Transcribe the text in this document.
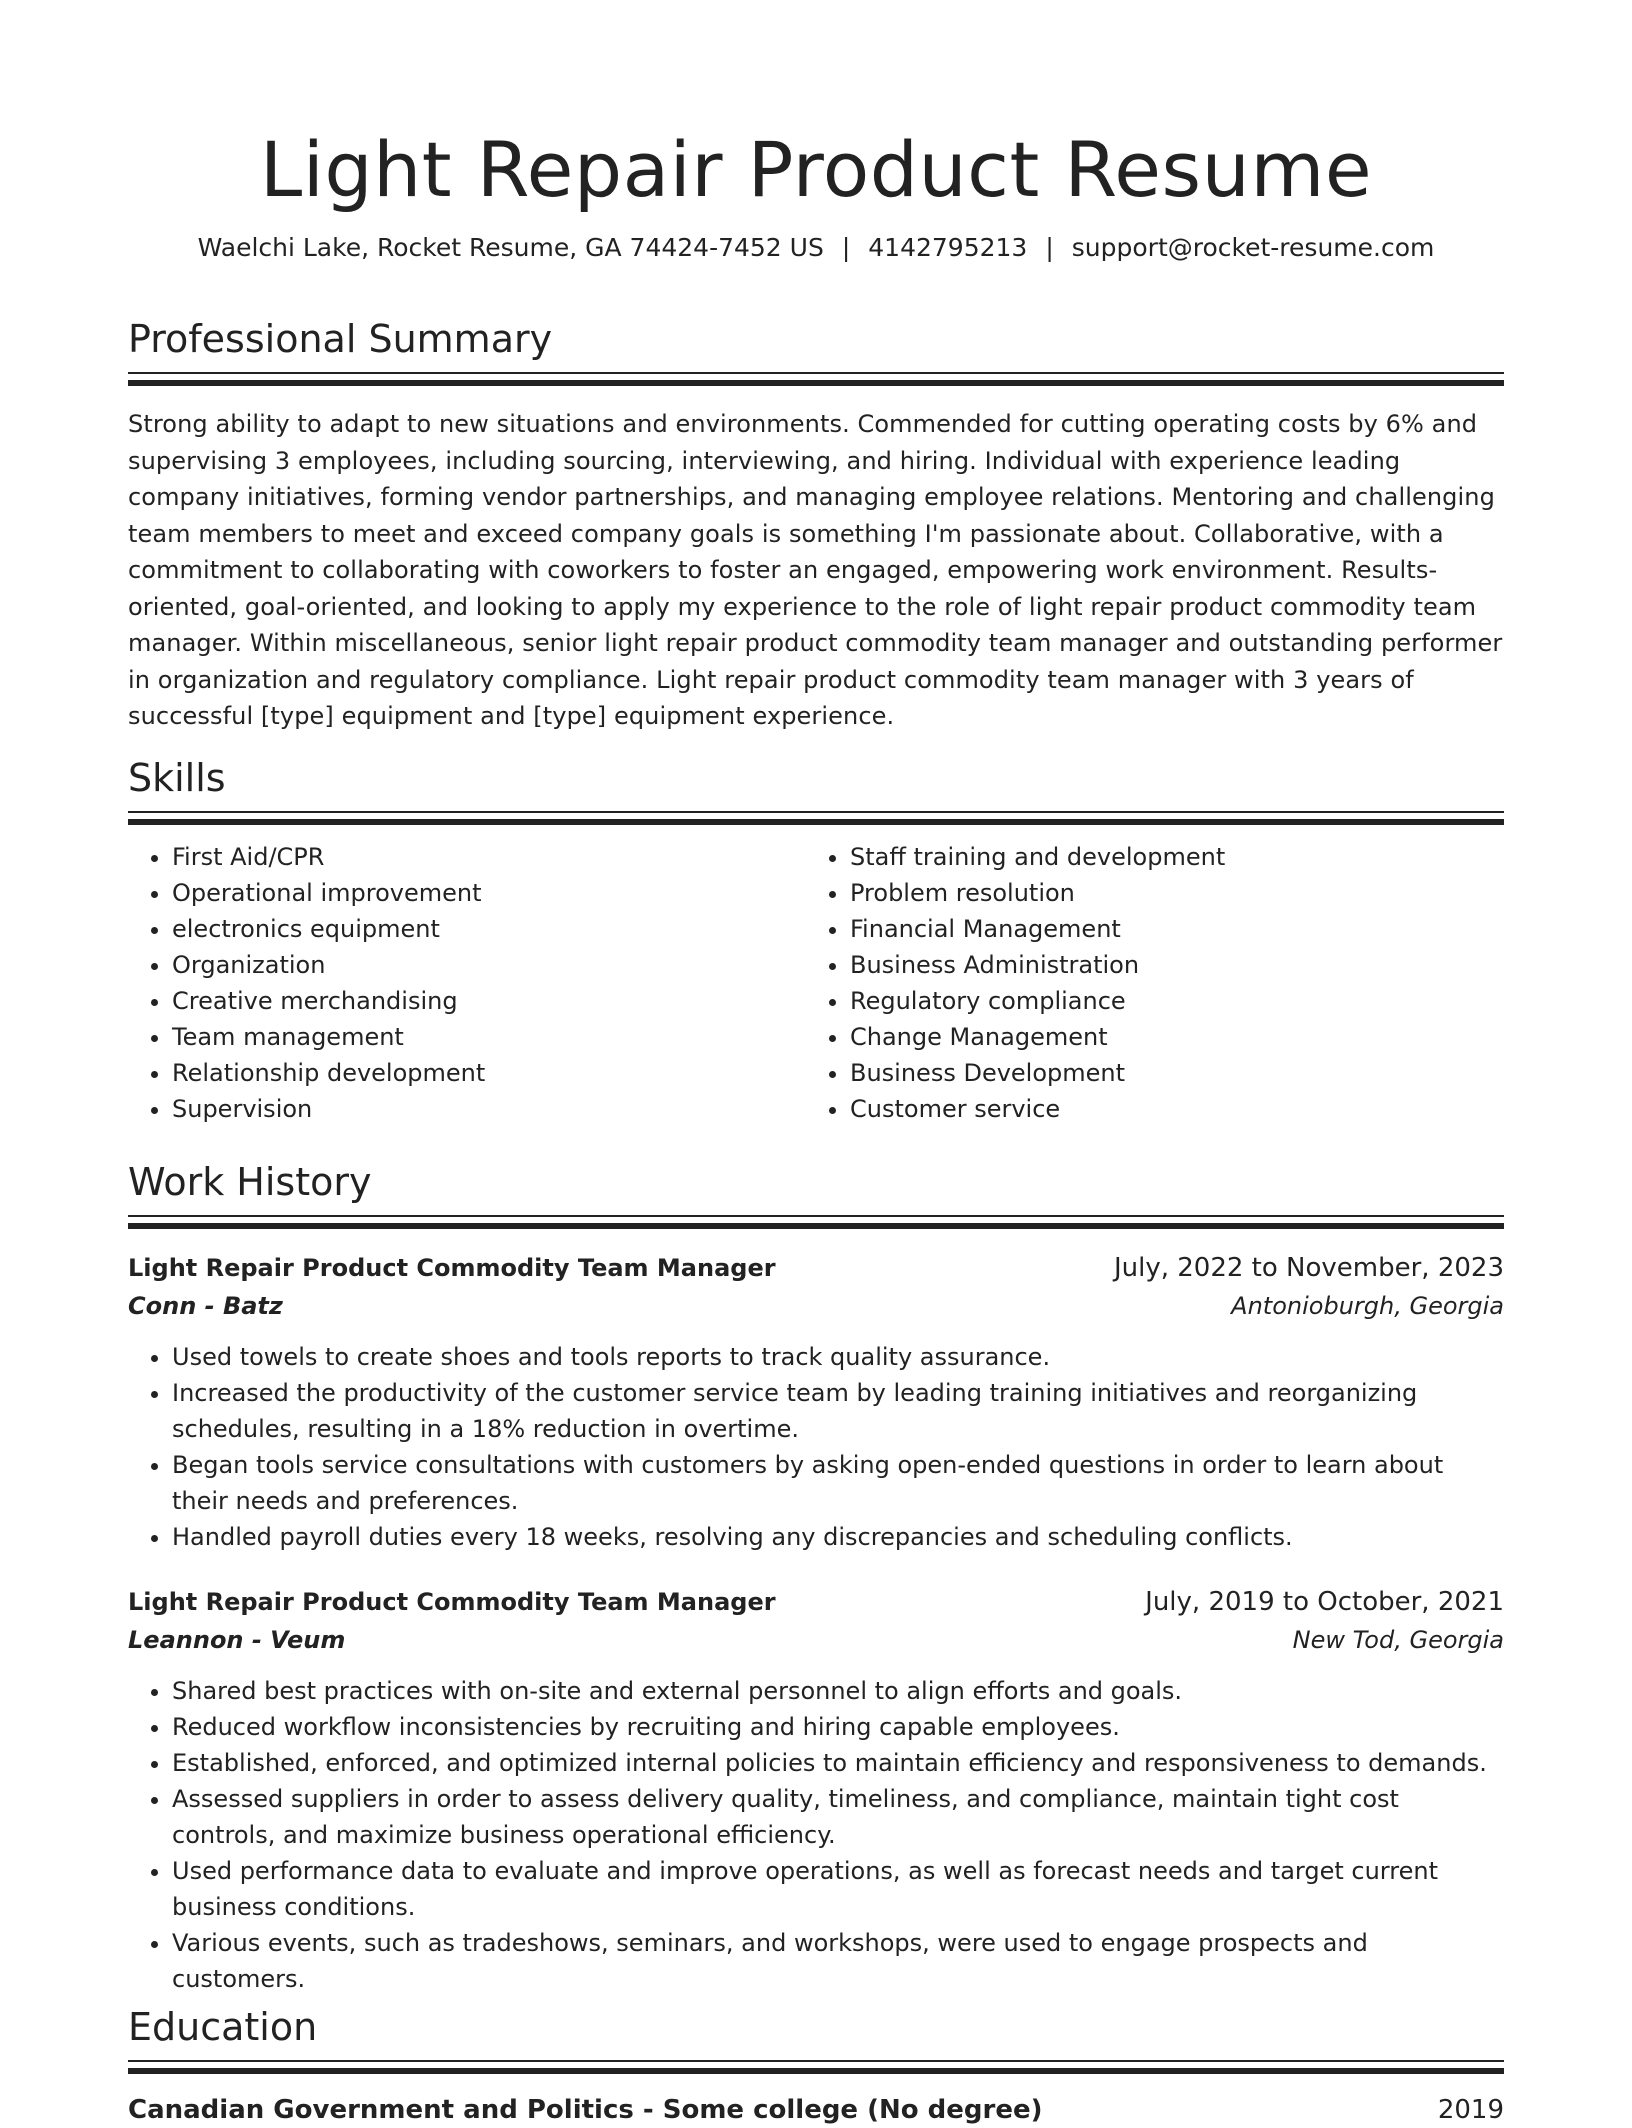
Light Repair Product Resume
Waelchi Lake, Rocket Resume, GA 74424-7452 US | 4142795213 | support@rocket-resume.com
Professional Summary
Strong ability to adapt to new situations and environments. Commended for cutting operating costs by 6% and supervising 3 employees, including sourcing, interviewing, and hiring. Individual with experience leading company initiatives, forming vendor partnerships, and managing employee relations. Mentoring and challenging team members to meet and exceed company goals is something I'm passionate about. Collaborative, with a commitment to collaborating with coworkers to foster an engaged, empowering work environment. Results-oriented, goal-oriented, and looking to apply my experience to the role of light repair product commodity team manager. Within miscellaneous, senior light repair product commodity team manager and outstanding performer in organization and regulatory compliance. Light repair product commodity team manager with 3 years of successful [type] equipment and [type] equipment experience.
Skills
• First Aid/CPR
• Operational improvement
• electronics equipment
• Organization
• Creative merchandising
• Team management
• Relationship development
• Supervision
• Staff training and development
• Problem resolution
• Financial Management
• Business Administration
• Regulatory compliance
• Change Management
• Business Development
• Customer service
Work History
Light Repair Product Commodity Team Manager	July, 2022 to November, 2023
Conn - Batz	Antonioburgh, Georgia
• Used towels to create shoes and tools reports to track quality assurance.
• Increased the productivity of the customer service team by leading training initiatives and reorganizing schedules, resulting in a 18% reduction in overtime.
• Began tools service consultations with customers by asking open-ended questions in order to learn about their needs and preferences.
• Handled payroll duties every 18 weeks, resolving any discrepancies and scheduling conflicts.
Light Repair Product Commodity Team Manager	July, 2019 to October, 2021
Leannon - Veum	New Tod, Georgia
• Shared best practices with on-site and external personnel to align efforts and goals.
• Reduced workflow inconsistencies by recruiting and hiring capable employees.
• Established, enforced, and optimized internal policies to maintain efficiency and responsiveness to demands.
• Assessed suppliers in order to assess delivery quality, timeliness, and compliance, maintain tight cost controls, and maximize business operational efficiency.
• Used performance data to evaluate and improve operations, as well as forecast needs and target current business conditions.
• Various events, such as tradeshows, seminars, and workshops, were used to engage prospects and customers.
Education
Canadian Government and Politics - Some college (No degree)	2019
